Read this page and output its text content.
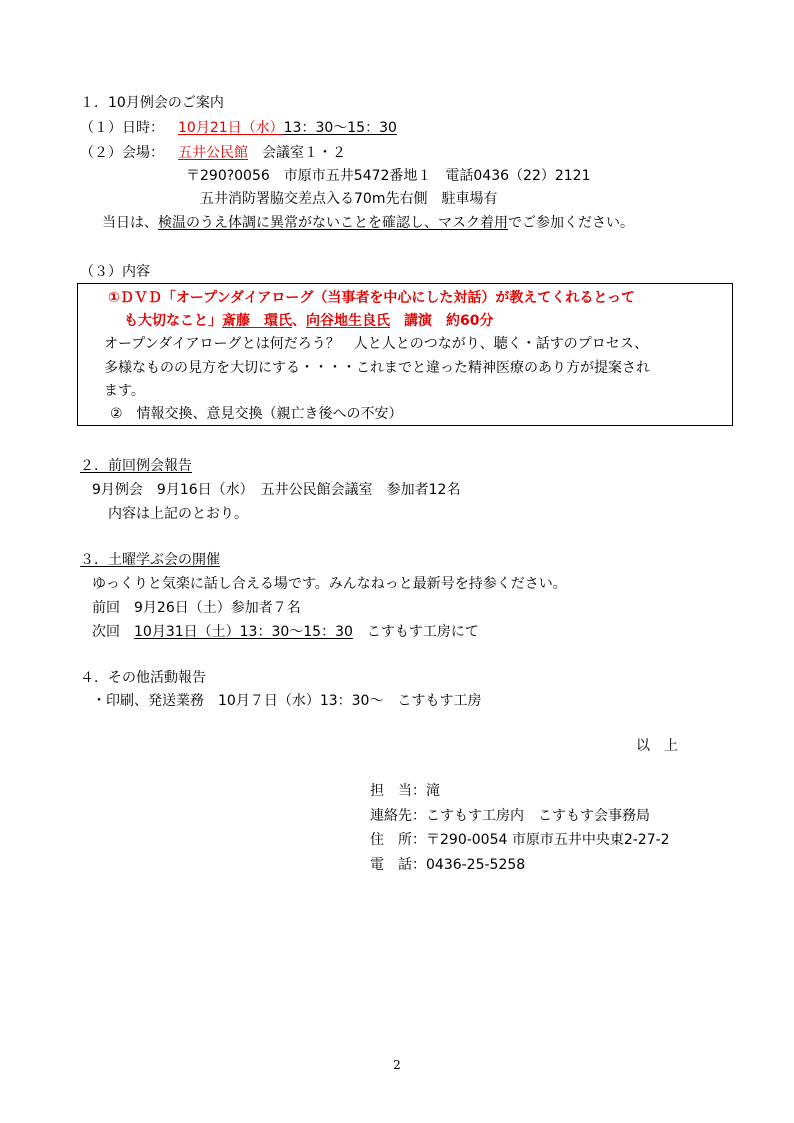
１．10月例会のご案内
（１）日時： 10月21日（水）13：30～15：30
（２）会場： 五井公民館 会議室１・２
〒290?0056　市原市五井5472番地１　電話0436（22）2121
五井消防署脇交差点入る70m先右側　駐車場有
当日は、検温のうえ体調に異常がないことを確認し、マスク着用でご参加ください。
（３）内容
①ＤＶＤ「オープンダイアローグ（当事者を中心にした対話）が教えてくれるとって
も大切なこと」斎藤　環氏、向谷地生良氏　講演　約60分
オープンダイアローグとは何だろう？　人と人とのつながり、聴く・話すのプロセス、
多様なものの見方を大切にする・・・・これまでと違った精神医療のあり方が提案され
ます。
②　情報交換、意見交換（親亡き後への不安）
２．前回例会報告
9月例会　9月16日（水）　五井公民館会議室　参加者12名
内容は上記のとおり。
３．土曜学ぶ会の開催
ゆっくりと気楽に話し合える場です。みんなねっと最新号を持参ください。
前回　9月26日（土）参加者７名
次回　10月31日（土）13：30～15：30　こすもす工房にて
４．その他活動報告
・印刷、発送業務　10月７日（水）13：30～　こすもす工房
以　上
担　当：滝
連絡先：こすもす工房内　こすもす会事務局
住　所：〒290-0054 市原市五井中央東2-27-2
電　話：0436-25-5258
2
